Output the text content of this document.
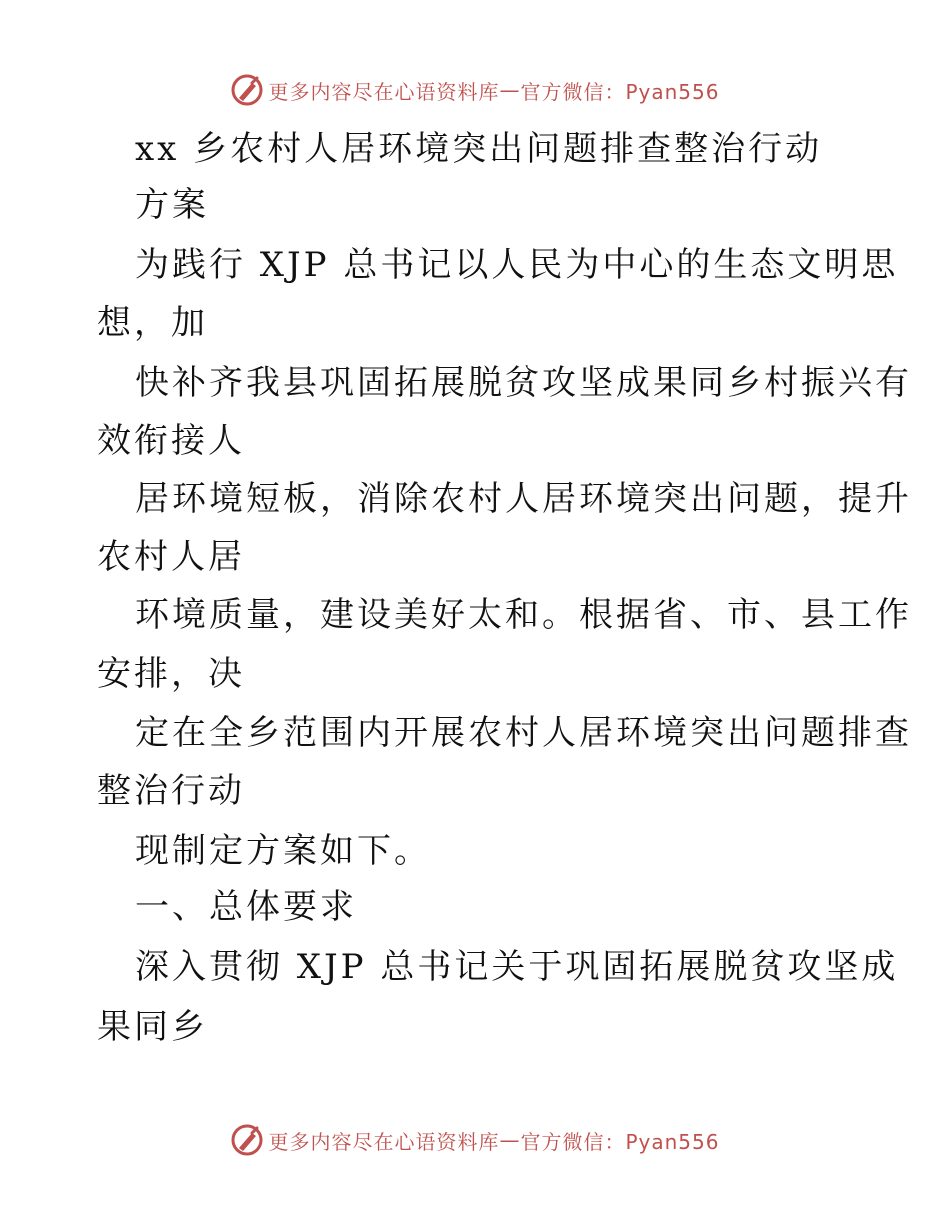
更多内容尽在心语资料库 — 官方微信：Pyan556
xx 乡农村人居环境突出问题排查整治行动
方案
为践行 XJP 总书记以人民为中心的生态文明思
想，加
快补齐我县巩固拓展脱贫攻坚成果同乡村振兴有
效衔接人
居环境短板，消除农村人居环境突出问题，提升
农村人居
环境质量，建设美好太和。根据省、市、县工作
安排，决
定在全乡范围内开展农村人居环境突出问题排查
整治行动
现制定方案如下。
一、总体要求
深入贯彻 XJP 总书记关于巩固拓展脱贫攻坚成
果同乡
更多内容尽在心语资料库 — 官方微信：Pyan556
